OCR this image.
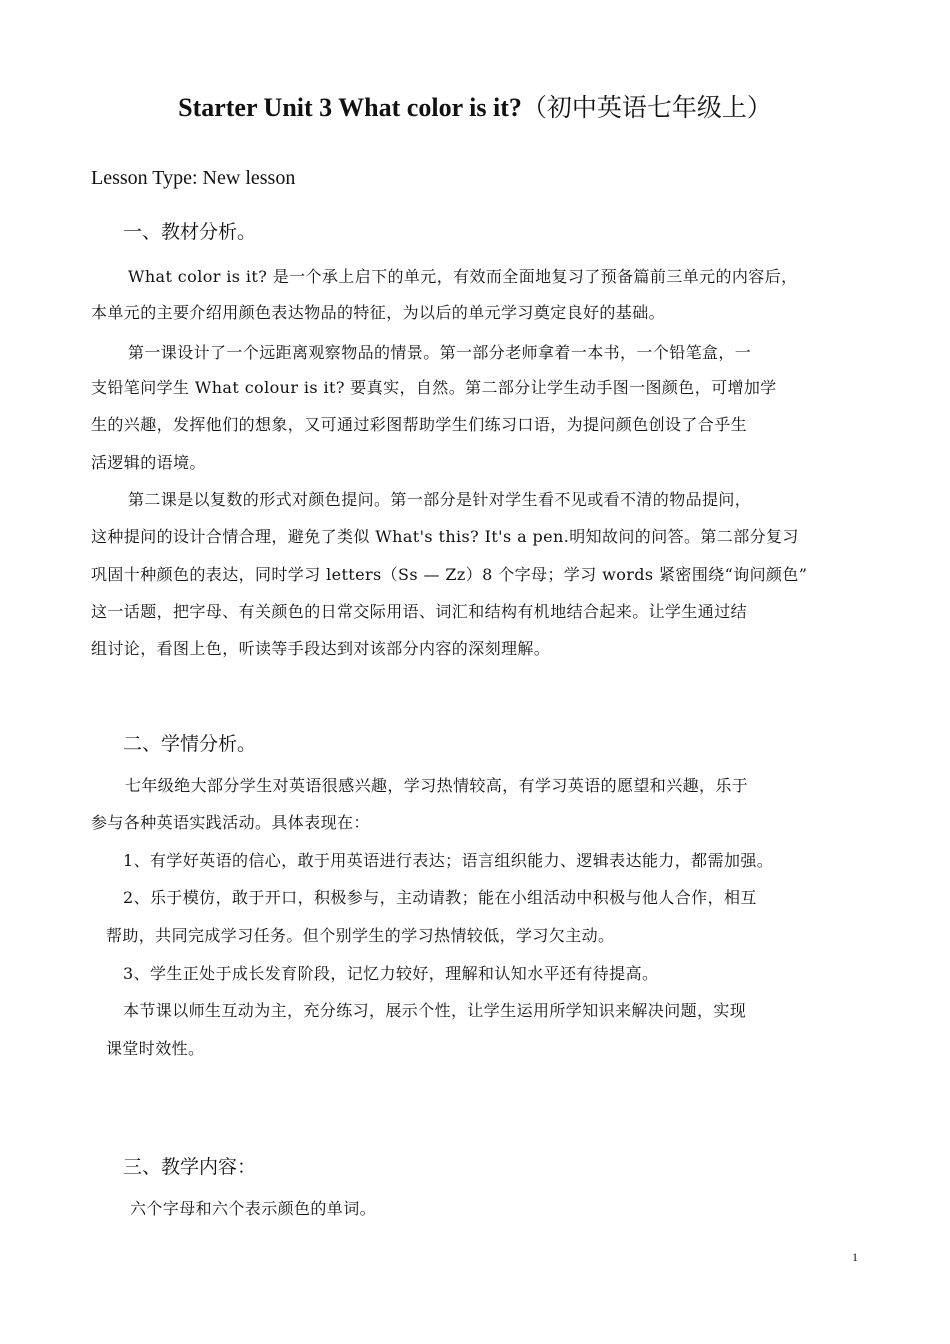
Starter Unit 3 What color is it?（初中英语七年级上）
Lesson Type: New lesson
一、教材分析。
What color is it? 是一个承上启下的单元，有效而全面地复习了预备篇前三单元的内容后，
本单元的主要介绍用颜色表达物品的特征，为以后的单元学习奠定良好的基础。
第一课设计了一个远距离观察物品的情景。第一部分老师拿着一本书，一个铅笔盒，一
支铅笔问学生 What colour is it? 要真实，自然。第二部分让学生动手图一图颜色，可增加学
生的兴趣，发挥他们的想象，又可通过彩图帮助学生们练习口语，为提问颜色创设了合乎生
活逻辑的语境。
第二课是以复数的形式对颜色提问。第一部分是针对学生看不见或看不清的物品提问，
这种提问的设计合情合理，避免了类似 What's this? It's a pen.明知故问的问答。第二部分复习
巩固十种颜色的表达，同时学习 letters（Ss — Zz）8 个字母；学习 words 紧密围绕“询问颜色”
这一话题，把字母、有关颜色的日常交际用语、词汇和结构有机地结合起来。让学生通过结
组讨论，看图上色，听读等手段达到对该部分内容的深刻理解。
二、学情分析。
七年级绝大部分学生对英语很感兴趣，学习热情较高，有学习英语的愿望和兴趣，乐于
参与各种英语实践活动。具体表现在：
1、有学好英语的信心，敢于用英语进行表达；语言组织能力、逻辑表达能力，都需加强。
2、乐于模仿，敢于开口，积极参与，主动请教；能在小组活动中积极与他人合作，相互
帮助，共同完成学习任务。但个别学生的学习热情较低，学习欠主动。
3、学生正处于成长发育阶段，记忆力较好，理解和认知水平还有待提高。
本节课以师生互动为主，充分练习，展示个性，让学生运用所学知识来解决问题，实现
课堂时效性。
三、教学内容：
六个字母和六个表示颜色的单词。
1
